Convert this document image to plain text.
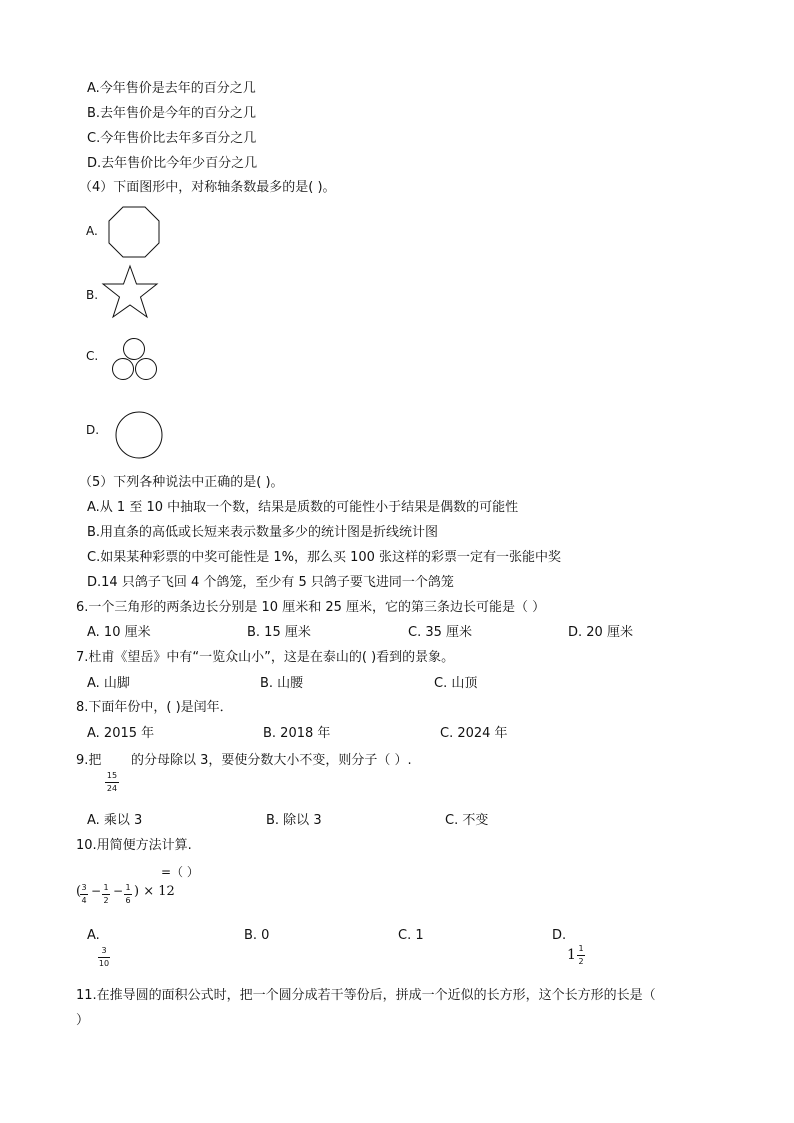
A.今年售价是去年的百分之几
B.去年售价是今年的百分之几
C.今年售价比去年多百分之几
D.去年售价比今年少百分之几
（4）下面图形中，对称轴条数最多的是( )。
A.
B.
C.
D.
（5）下列各种说法中正确的是( )。
A.从 1 至 10 中抽取一个数，结果是质数的可能性小于结果是偶数的可能性
B.用直条的高低或长短来表示数量多少的统计图是折线统计图
C.如果某种彩票的中奖可能性是 1%，那么买 100 张这样的彩票一定有一张能中奖
D.14 只鸽子飞回 4 个鸽笼，至少有 5 只鸽子要飞进同一个鸽笼
6.一个三角形的两条边长分别是 10 厘米和 25 厘米，它的第三条边长可能是（ ）
A. 10 厘米	B. 15 厘米	C. 35 厘米	D. 20 厘米
7.杜甫《望岳》中有“一览众山小”，这是在泰山的( )看到的景象。
A. 山脚	B. 山腰	C. 山顶
8.下面年份中，( )是闰年．
A. 2015 年	B. 2018 年	C. 2024 年
9.把
15
24
的分母除以 3，要使分数大小不变，则分子（ ）.
A. 乘以 3	B. 除以 3	C. 不变
10.用简便方法计算.
=（ ）
( 3
4
− 1
2
− 1
6
) × 12
A.
3
10
B. 0	C. 1	D.
1 1
2
11.在推导圆的面积公式时，把一个圆分成若干等份后，拼成一个近似的长方形，这个长方形的长是（
）
